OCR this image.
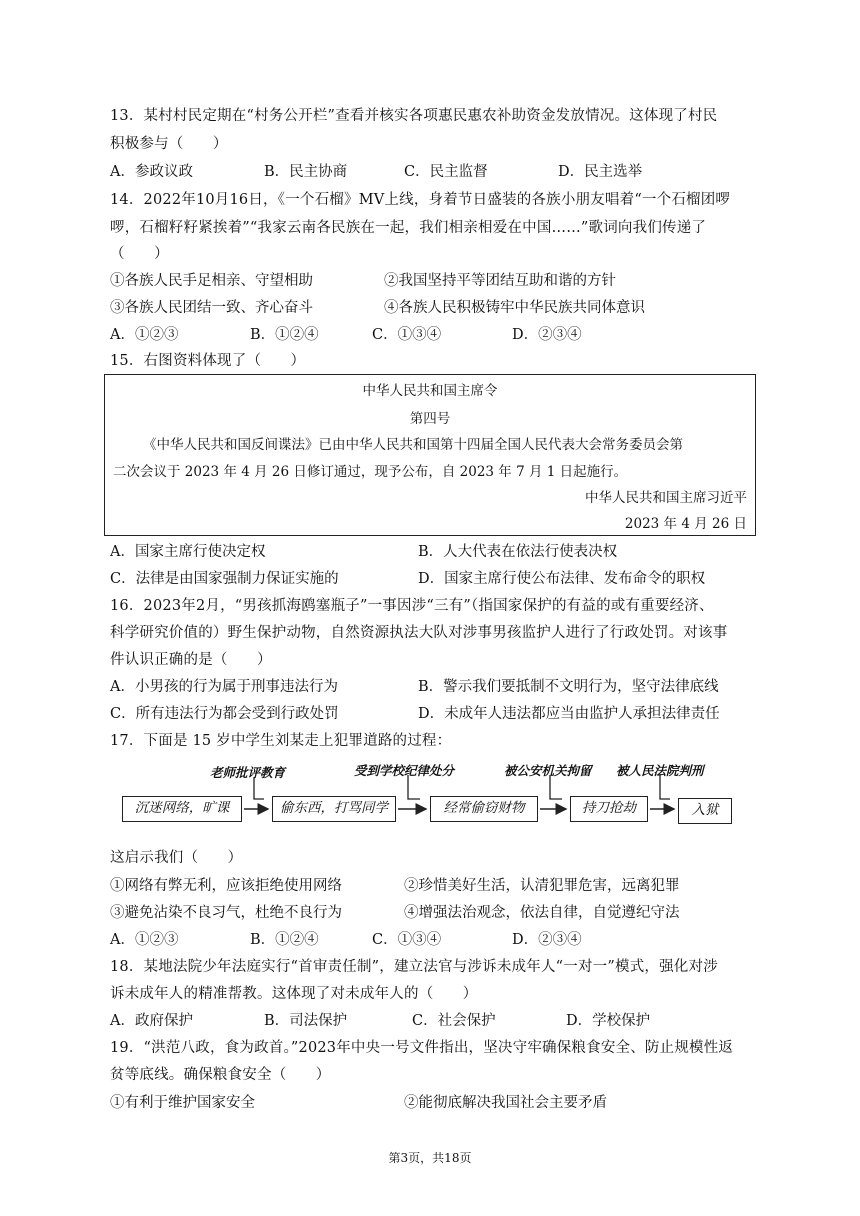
13．某村村民定期在“村务公开栏”查看并核实各项惠民惠农补助资金发放情况。这体现了村民
积极参与（　　）
A．参政议政	B．民主协商	C．民主监督	D．民主选举
14．2022年10月16日，《一个石榴》MV上线，身着节日盛装的各族小朋友唱着“一个石榴团啰
啰，石榴籽籽紧挨着”“我家云南各民族在一起，我们相亲相爱在中国……”歌词向我们传递了
（　　）
①各族人民手足相亲、守望相助	②我国坚持平等团结互助和谐的方针
③各族人民团结一致、齐心奋斗	④各族人民积极铸牢中华民族共同体意识
A．①②③	B．①②④	C．①③④	D．②③④
15．右图资料体现了（　　）
中华人民共和国主席令
第四号
《中华人民共和国反间谍法》已由中华人民共和国第十四届全国人民代表大会常务委员会第
二次会议于 2023 年 4 月 26 日修订通过，现予公布，自 2023 年 7 月 1 日起施行。
中华人民共和国主席习近平
2023 年 4 月 26 日
A．国家主席行使决定权	B．人大代表在依法行使表决权
C．法律是由国家强制力保证实施的	D．国家主席行使公布法律、发布命令的职权
16．2023年2月，“男孩抓海鸥塞瓶子”一事因涉“三有”（指国家保护的有益的或有重要经济、
科学研究价值的）野生保护动物，自然资源执法大队对涉事男孩监护人进行了行政处罚。对该事
件认识正确的是（　　）
A．小男孩的行为属于刑事违法行为	B．警示我们要抵制不文明行为，坚守法律底线
C．所有违法行为都会受到行政处罚	D．未成年人违法都应当由监护人承担法律责任
17．下面是 15 岁中学生刘某走上犯罪道路的过程：
老师批评教育	受到学校纪律处分	被公安机关拘留 被人民法院判刑
沉迷网络，旷课	偷东西，打骂同学	经常偷窃财物	持刀抢劫	入狱
这启示我们（　　）
①网络有弊无利，应该拒绝使用网络	②珍惜美好生活，认清犯罪危害，远离犯罪
③避免沾染不良习气，杜绝不良行为	④增强法治观念，依法自律，自觉遵纪守法
A．①②③	B．①②④	C．①③④	D．②③④
18．某地法院少年法庭实行“首审责任制”，建立法官与涉诉未成年人“一对一”模式，强化对涉
诉未成年人的精准帮教。这体现了对未成年人的（　　）
A．政府保护	B．司法保护	C．社会保护	D．学校保护
19．“洪范八政，食为政首。”2023年中央一号文件指出，坚决守牢确保粮食安全、防止规模性返
贫等底线。确保粮食安全（　　）
①有利于维护国家安全	②能彻底解决我国社会主要矛盾
第3页，共18页
